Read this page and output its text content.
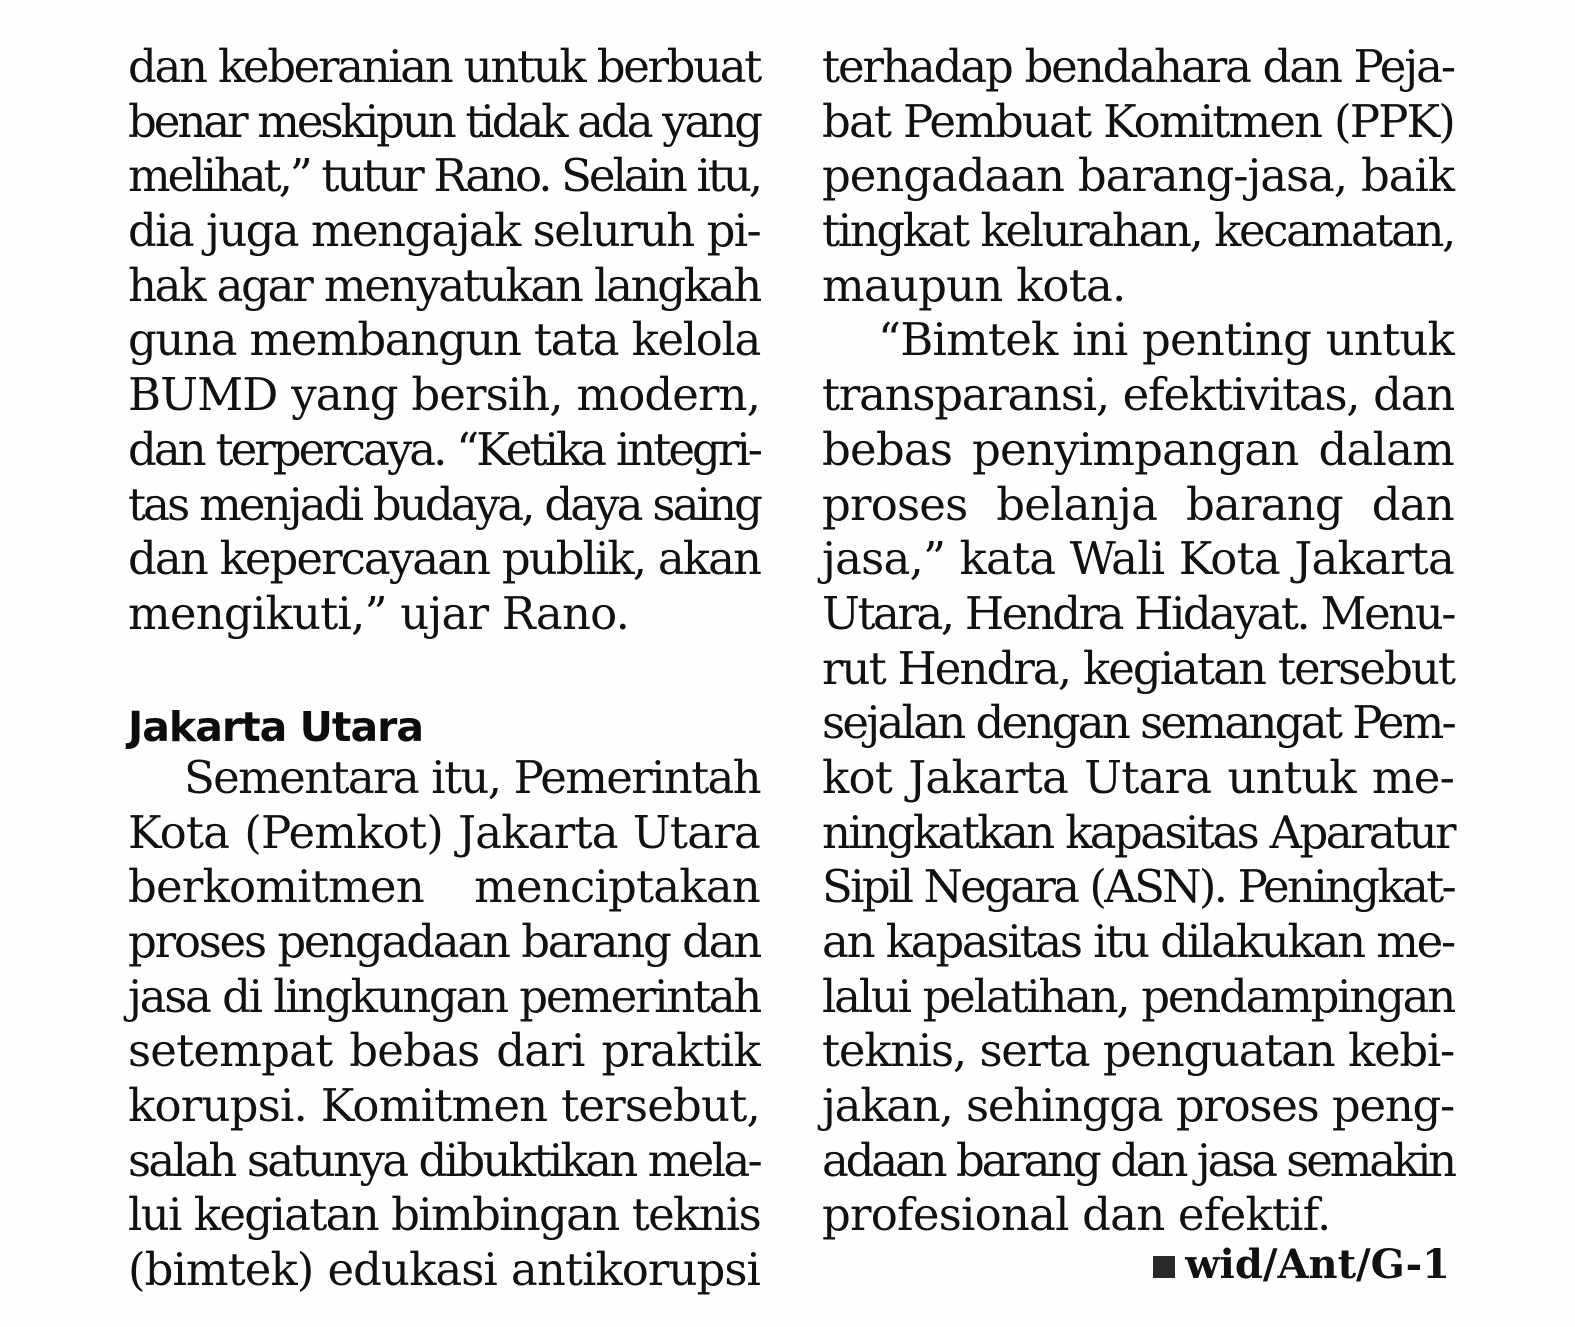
dan keberanian untuk berbuat
benar meskipun tidak ada yang
melihat,” tutur Rano. Selain itu,
dia juga mengajak seluruh pi-
hak agar menyatukan langkah
guna membangun tata kelola
BUMD yang bersih, modern,
dan terpercaya. “Ketika integri-
tas menjadi budaya, daya saing
dan kepercayaan publik, akan
mengikuti,” ujar Rano.
Jakarta Utara
Sementara itu, Pemerintah
Kota (Pemkot) Jakarta Utara
berkomitmen menciptakan
proses pengadaan barang dan
jasa di lingkungan pemerintah
setempat bebas dari praktik
korupsi. Komitmen tersebut,
salah satunya dibuktikan mela-
lui kegiatan bimbingan teknis
(bimtek) edukasi antikorupsi
terhadap bendahara dan Peja-
bat Pembuat Komitmen (PPK)
pengadaan barang-jasa, baik
tingkat kelurahan, kecamatan,
maupun kota.
“Bimtek ini penting untuk
transparansi, efektivitas, dan
bebas penyimpangan dalam
proses belanja barang dan
jasa,” kata Wali Kota Jakarta
Utara, Hendra Hidayat. Menu-
rut Hendra, kegiatan tersebut
sejalan dengan semangat Pem-
kot Jakarta Utara untuk me-
ningkatkan kapasitas Aparatur
Sipil Negara (ASN). Peningkat-
an kapasitas itu dilakukan me-
lalui pelatihan, pendampingan
teknis, serta penguatan kebi-
jakan, sehingga proses peng-
adaan barang dan jasa semakin
profesional dan efektif.
wid/Ant/G-1
